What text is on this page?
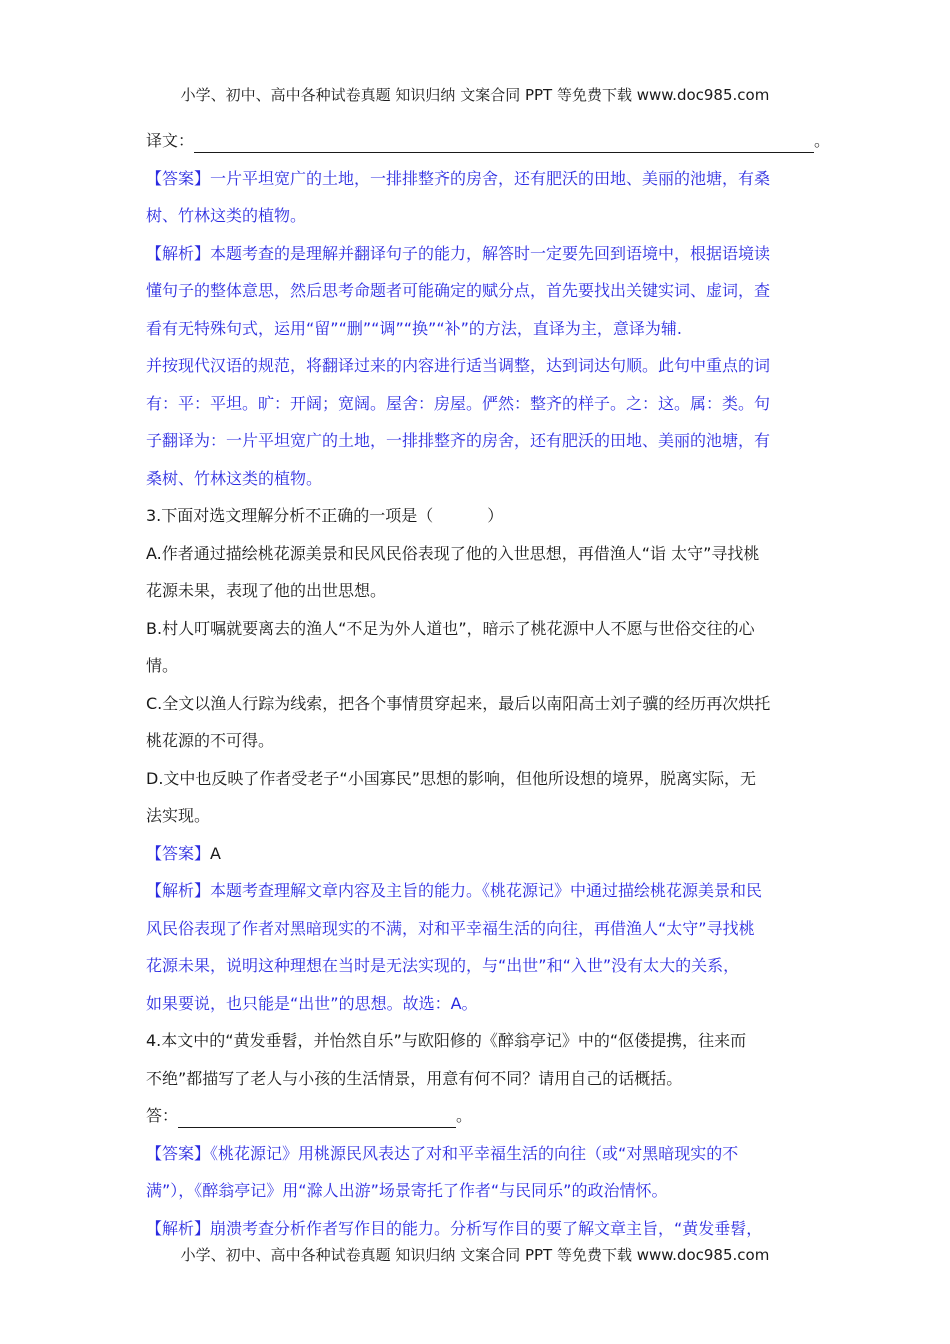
小学、初中、高中各种试卷真题 知识归纳 文案合同 PPT 等免费下载 www.doc985.com
译文：	。
【答案】一片平坦宽广的土地，一排排整齐的房舍，还有肥沃的田地、美丽的池塘，有桑
树、竹林这类的植物。
【解析】本题考查的是理解并翻译句子的能力，解答时一定要先回到语境中，根据语境读
懂句子的整体意思，然后思考命题者可能确定的赋分点，首先要找出关键实词、虚词，查
看有无特殊句式，运用“留”“删”“调”“换”“补”的方法，直译为主，意译为辅.
并按现代汉语的规范，将翻译过来的内容进行适当调整，达到词达句顺。此句中重点的词
有：平：平坦。旷：开阔；宽阔。屋舍：房屋。俨然：整齐的样子。之：这。属：类。句
子翻译为：一片平坦宽广的土地，一排排整齐的房舍，还有肥沃的田地、美丽的池塘，有
桑树、竹林这类的植物。
3.下面对选文理解分析不正确的一项是（	）
A.作者通过描绘桃花源美景和民风民俗表现了他的入世思想，再借渔人“诣 太守”寻找桃
花源未果，表现了他的出世思想。
B.村人叮嘱就要离去的渔人“不足为外人道也”，暗示了桃花源中人不愿与世俗交往的心
情。
C.全文以渔人行踪为线索，把各个事情贯穿起来，最后以南阳高士刘子骥的经历再次烘托
桃花源的不可得。
D.文中也反映了作者受老子“小国寡民”思想的影响，但他所设想的境界，脱离实际，无
法实现。
【答案】A
【解析】本题考查理解文章内容及主旨的能力。《桃花源记》中通过描绘桃花源美景和民
风民俗表现了作者对黑暗现实的不满，对和平幸福生活的向往，再借渔人“太守”寻找桃
花源未果，说明这种理想在当时是无法实现的，与“出世”和“入世”没有太大的关系，
如果要说，也只能是“出世”的思想。故选：A。
4.本文中的“黄发垂髫，并怡然自乐”与欧阳修的《醉翁亭记》中的“伛偻提携，往来而
不绝”都描写了老人与小孩的生活情景，用意有何不同？请用自己的话概括。
答：	。
【答案】《桃花源记》用桃源民风表达了对和平幸福生活的向往（或“对黑暗现实的不
满”），《醉翁亭记》用“滁人出游”场景寄托了作者“与民同乐”的政治情怀。
【解析】崩溃考查分析作者写作目的能力。分析写作目的要了解文章主旨，“黄发垂髫，
小学、初中、高中各种试卷真题 知识归纳 文案合同 PPT 等免费下载 www.doc985.com
